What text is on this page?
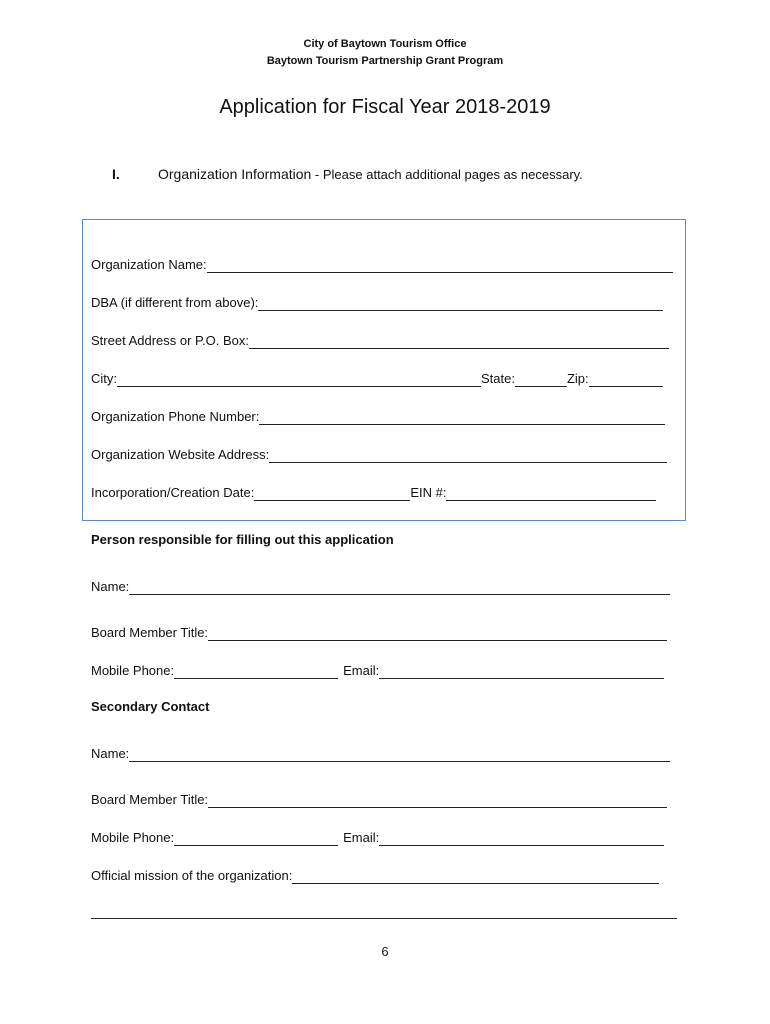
City of Baytown Tourism Office
Baytown Tourism Partnership Grant Program
Application for Fiscal Year 2018-2019
I.	Organization Information - Please attach additional pages as necessary.
Organization Name:
DBA (if different from above):
Street Address or P.O. Box:
City:	State:	Zip:
Organization Phone Number:
Organization Website Address:
Incorporation/Creation Date:	EIN #:
Person responsible for filling out this application
Name:
Board Member Title:
Mobile Phone:	Email:
Secondary Contact
Name:
Board Member Title:
Mobile Phone:	Email:
Official mission of the organization:
6
